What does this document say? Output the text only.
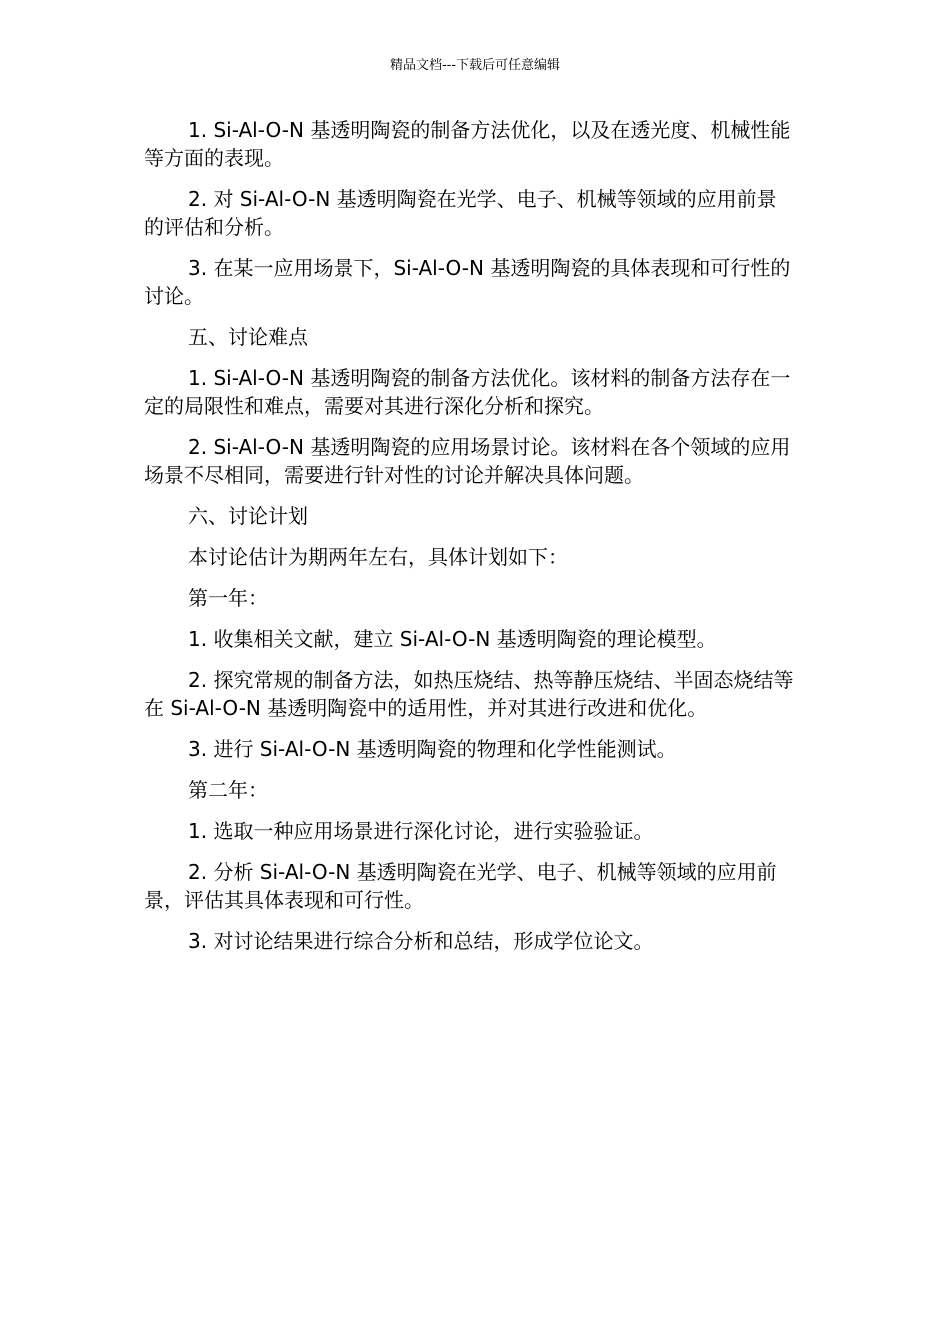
精品文档---下载后可任意编辑

1. Si-Al-O-N 基透明陶瓷的制备方法优化，以及在透光度、机械性能等方面的表现。

2. 对 Si-Al-O-N 基透明陶瓷在光学、电子、机械等领域的应用前景的评估和分析。

3. 在某一应用场景下，Si-Al-O-N 基透明陶瓷的具体表现和可行性的讨论。

五、讨论难点

1. Si-Al-O-N 基透明陶瓷的制备方法优化。该材料的制备方法存在一定的局限性和难点，需要对其进行深化分析和探究。

2. Si-Al-O-N 基透明陶瓷的应用场景讨论。该材料在各个领域的应用场景不尽相同，需要进行针对性的讨论并解决具体问题。

六、讨论计划

本讨论估计为期两年左右，具体计划如下：

第一年：

1. 收集相关文献，建立 Si-Al-O-N 基透明陶瓷的理论模型。

2. 探究常规的制备方法，如热压烧结、热等静压烧结、半固态烧结等在 Si-Al-O-N 基透明陶瓷中的适用性，并对其进行改进和优化。

3. 进行 Si-Al-O-N 基透明陶瓷的物理和化学性能测试。

第二年：

1. 选取一种应用场景进行深化讨论，进行实验验证。

2. 分析 Si-Al-O-N 基透明陶瓷在光学、电子、机械等领域的应用前景，评估其具体表现和可行性。

3. 对讨论结果进行综合分析和总结，形成学位论文。
